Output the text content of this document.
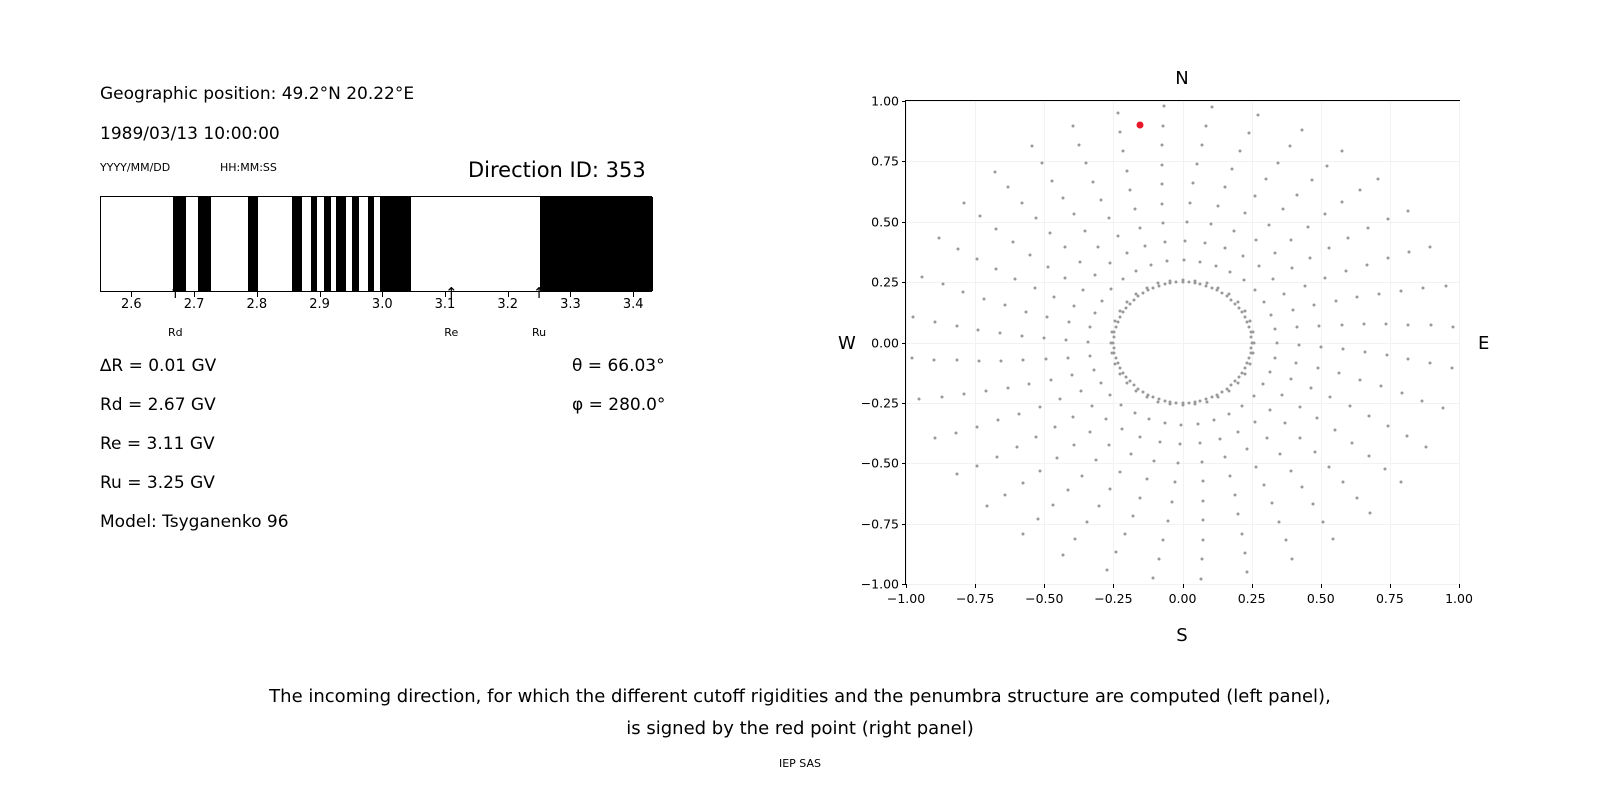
Geographic position: 49.2°N 20.22°E
1989/03/13 10:00:00
YYYY/MM/DD	HH:MM:SS	Direction ID: 353
2.6	2.7	2.8	2.9	3.0	3.1	3.2	3.3	3.4
↑
Rd
↑
Re
↑
Ru
∆R = 0.01 GV
Rd = 2.67 GV
Re = 3.11 GV
Ru = 3.25 GV
Model: Tsyganenko 96
θ = 66.03°
φ = 280.0°
N
S
W	E
−1.00
−0.75
−0.50
−0.25
0.00
0.25
0.50
0.75
1.00
−1.00 −0.75 −0.50 −0.25	0.00	0.25	0.50	0.75	1.00
The incoming direction, for which the different cutoff rigidities and the penumbra structure are computed (left panel),
is signed by the red point (right panel)
IEP SAS
